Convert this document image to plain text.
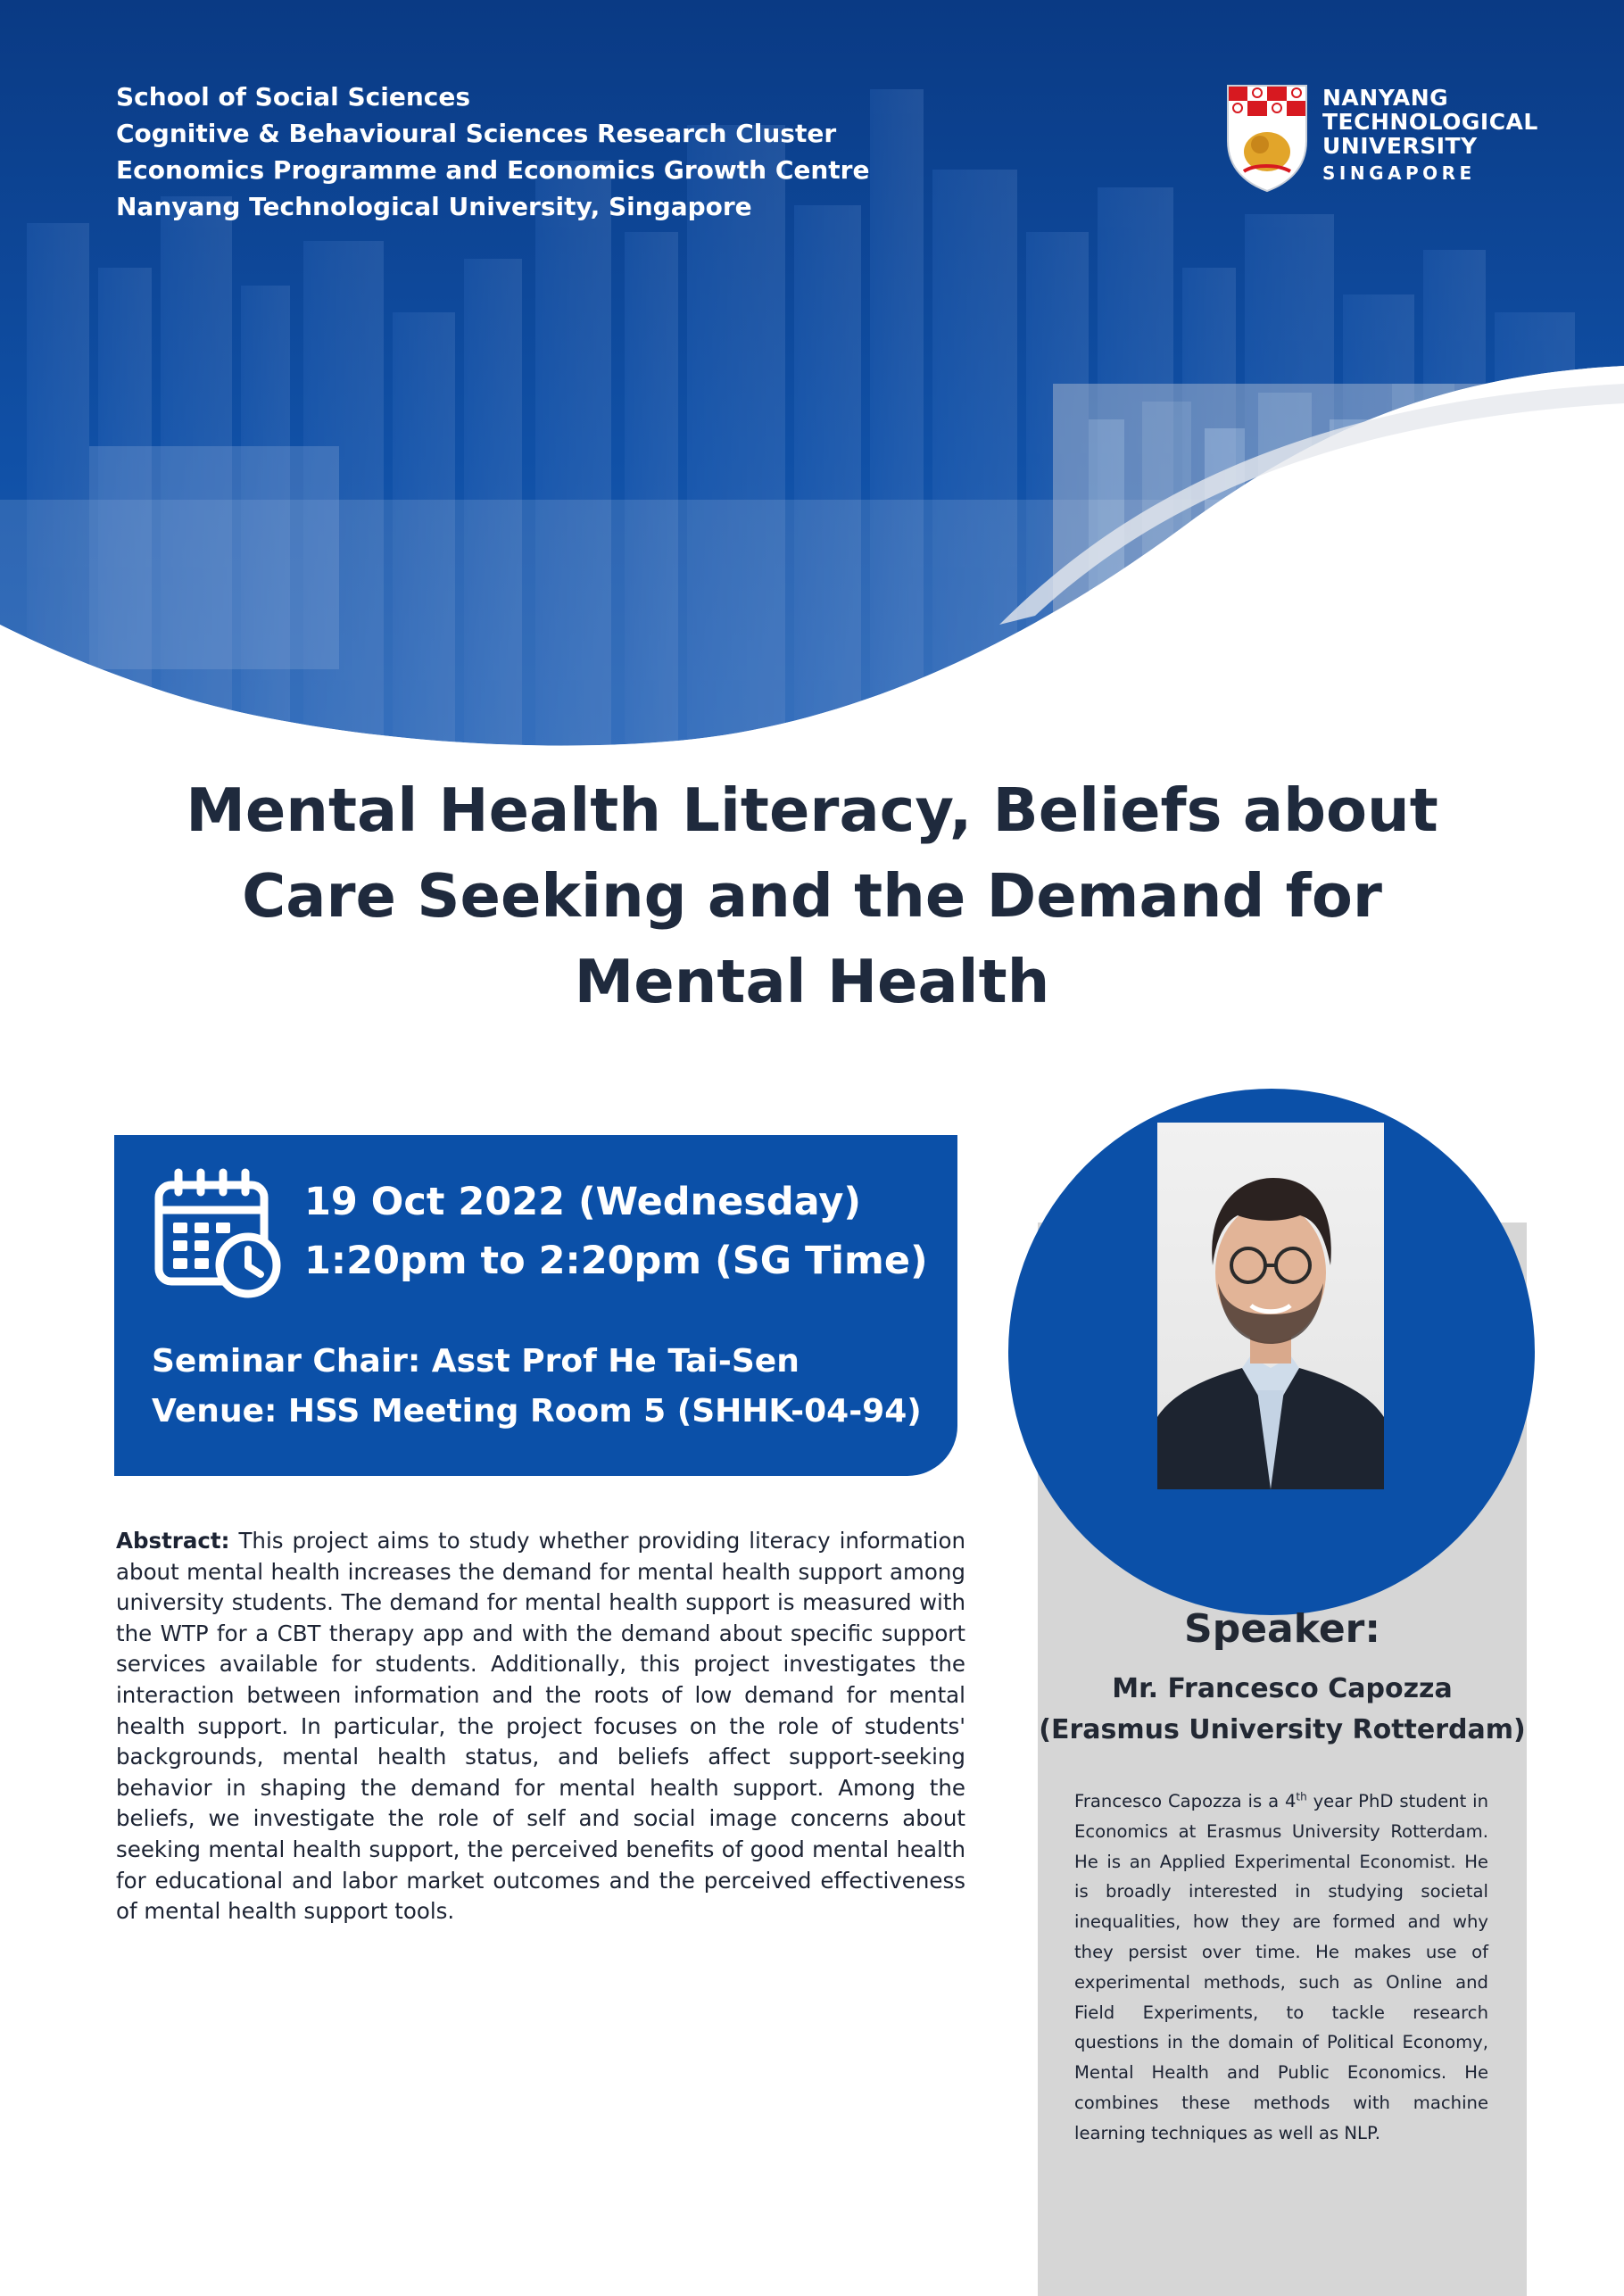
School of Social Sciences
Cognitive & Behavioural Sciences Research Cluster
Economics Programme and Economics Growth Centre
Nanyang Technological University, Singapore
NANYANG
TECHNOLOGICAL
UNIVERSITY
SINGAPORE
Mental Health Literacy, Beliefs about
Care Seeking and the Demand for
Mental Health
19 Oct 2022 (Wednesday)
1:20pm to 2:20pm (SG Time)
Seminar Chair: Asst Prof He Tai-Sen
Venue: HSS Meeting Room 5 (SHHK-04-94)
Abstract: This project aims to study whether providing literacy information about mental health increases the demand for mental health support among university students. The demand for mental health support is measured with the WTP for a CBT therapy app and with the demand about specific support services available for students. Additionally, this project investigates the interaction between information and the roots of low demand for mental health support. In particular, the project focuses on the role of students' backgrounds, mental health status, and beliefs affect support-seeking behavior in shaping the demand for mental health support. Among the beliefs, we investigate the role of self and social image concerns about seeking mental health support, the perceived benefits of good mental health for educational and labor market outcomes and the perceived effectiveness of mental health support tools.
Speaker:
Mr. Francesco Capozza
(Erasmus University Rotterdam)
Francesco Capozza is a 4th year PhD student in Economics at Erasmus University Rotterdam. He is an Applied Experimental Economist. He is broadly interested in studying societal inequalities, how they are formed and why they persist over time. He makes use of experimental methods, such as Online and Field Experiments, to tackle research questions in the domain of Political Economy, Mental Health and Public Economics. He combines these methods with machine learning techniques as well as NLP.
